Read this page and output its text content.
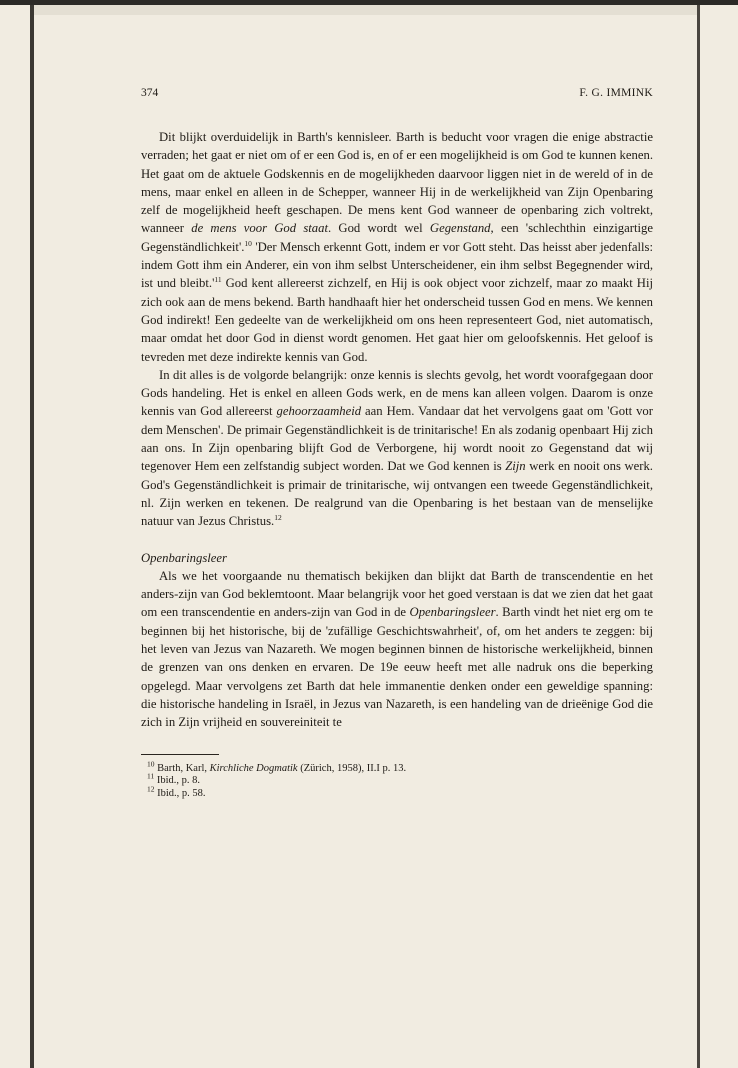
374	F. G. IMMINK

Dit blijkt overduidelijk in Barth's kennisleer. Barth is beducht voor vragen die enige abstractie verraden; het gaat er niet om of er een God is, en of er een mogelijkheid is om God te kunnen kenen. Het gaat om de aktuele Godskennis en de mogelijkheden daarvoor liggen niet in de wereld of in de mens, maar enkel en alleen in de Schepper, wanneer Hij in de werkelijkheid van Zijn Openbaring zelf de mogelijkheid heeft geschapen. De mens kent God wanneer de openbaring zich voltrekt, wanneer de mens voor God staat. God wordt wel Gegenstand, een 'schlechthin einzigartige Gegenständlichkeit'.$^{10}$ 'Der Mensch erkennt Gott, indem er vor Gott steht. Das heisst aber jedenfalls: indem Gott ihm ein Anderer, ein von ihm selbst Unterscheidener, ein ihm selbst Begegnender wird, ist und $bleibt.'^{11}$ God kent allereerst zichzelf, en Hij is ook object voor zichzelf, maar zo maakt Hij zich ook aan de mens bekend. Barth handhaaft hier het onderscheid tussen God en mens. We kennen God indirekt! Een gedeelte van de werkelijkheid om ons heen representeert God, niet automatisch, maar omdat het door God in dienst wordt genomen. Het gaat hier om geloofskennis. Het geloof is tevreden met deze indirekte kennis van God.

In dit alles is de volgorde belangrijk: onze kennis is slechts gevolg, het wordt voorafgegaan door Gods handeling. Het is enkel en alleen Gods werk, en de mens kan alleen volgen. Daarom is onze kennis van God allereerst gehoorzaamheid aan Hem. Vandaar dat het vervolgens gaat om 'Gott vor dem Menschen'. De primair Gegenständlichkeit is de trinitarische! En als zodanig openbaart Hij zich aan ons. In Zijn openbaring blijft God de Verborgene, hij wordt nooit zo Gegenstand dat wij tegenover Hem een zelfstandig subject worden. Dat we God kennen is Zijn werk en nooit ons werk. God's Gegenständlichkeit is primair de trinitarische, wij ontvangen een tweede Gegenständlichkeit, nl. Zijn werken en tekenen. De realgrund van die Openbaring is het bestaan van de menselijke natuur van Jezus Christus.$^{12}$

Openbaringsleer

Als we het voorgaande nu thematisch bekijken dan blijkt dat Barth de transcendentie en het anders-zijn van God beklemtoont. Maar belangrijk voor het goed verstaan is dat we zien dat het gaat om een transcendentie en anders-zijn van God in de Openbaringsleer. Barth vindt het niet erg om te beginnen bij het historische, bij de 'zufällige Geschichtswahrheit', of, om het anders te zeggen: bij het leven van Jezus van Nazareth. We mogen beginnen binnen de historische werkelijkheid, binnen de grenzen van ons denken en ervaren. De 19e eeuw heeft met alle nadruk ons die beperking opgelegd. Maar vervolgens zet Barth dat hele immanentie denken onder een geweldige spanning: die historische handeling in Israël, in Jezus van Nazareth, is een handeling van de drieënige God die zich in Zijn vrijheid en souvereiniteit te

$^{10}$ Barth, Karl, Kirchliche Dogmatik (Zürich, 1958), II.I p. 13.
$^{11}$ Ibid., p. 8.
$^{12}$ Ibid., p. 58.
